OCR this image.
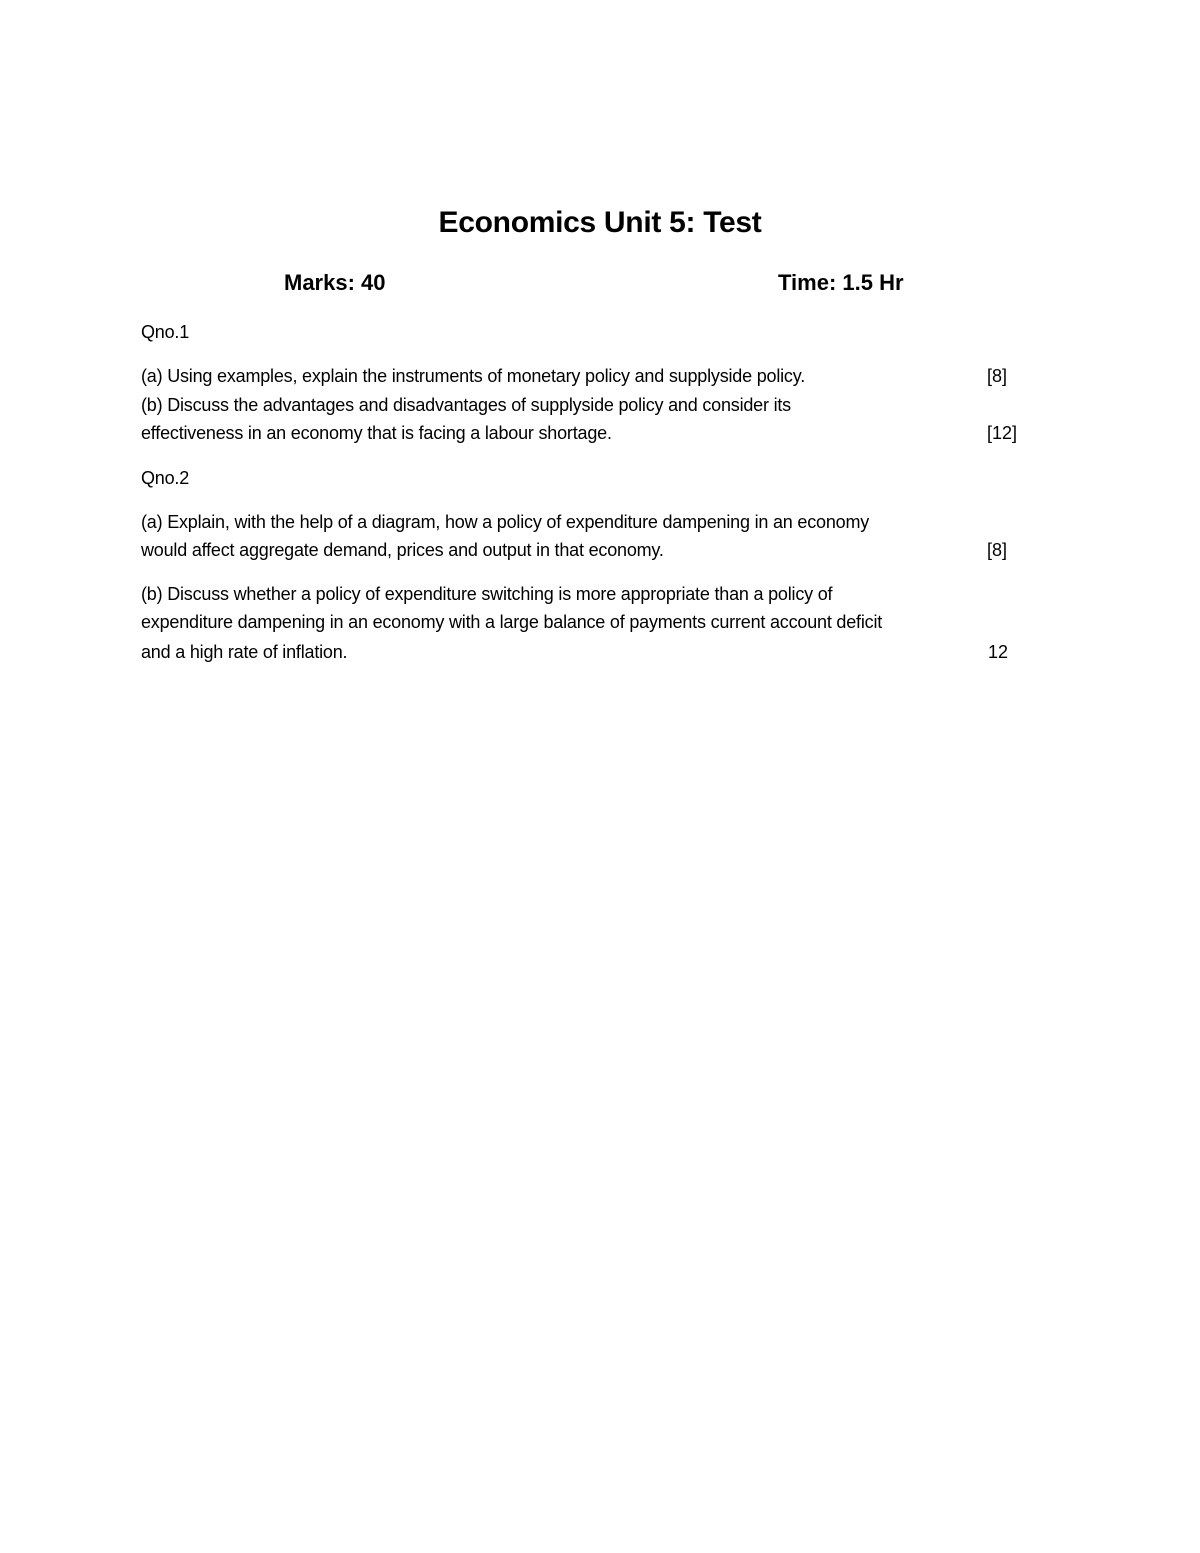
Economics Unit 5: Test
Marks: 40	Time: 1.5 Hr
Qno.1
(a) Using examples, explain the instruments of monetary policy and supplyside policy.	[8]
(b) Discuss the advantages and disadvantages of supplyside policy and consider its
effectiveness in an economy that is facing a labour shortage.	[12]
Qno.2
(a) Explain, with the help of a diagram, how a policy of expenditure dampening in an economy
would affect aggregate demand, prices and output in that economy.	[8]
(b) Discuss whether a policy of expenditure switching is more appropriate than a policy of
expenditure dampening in an economy with a large balance of payments current account deficit
and a high rate of inflation.	12
